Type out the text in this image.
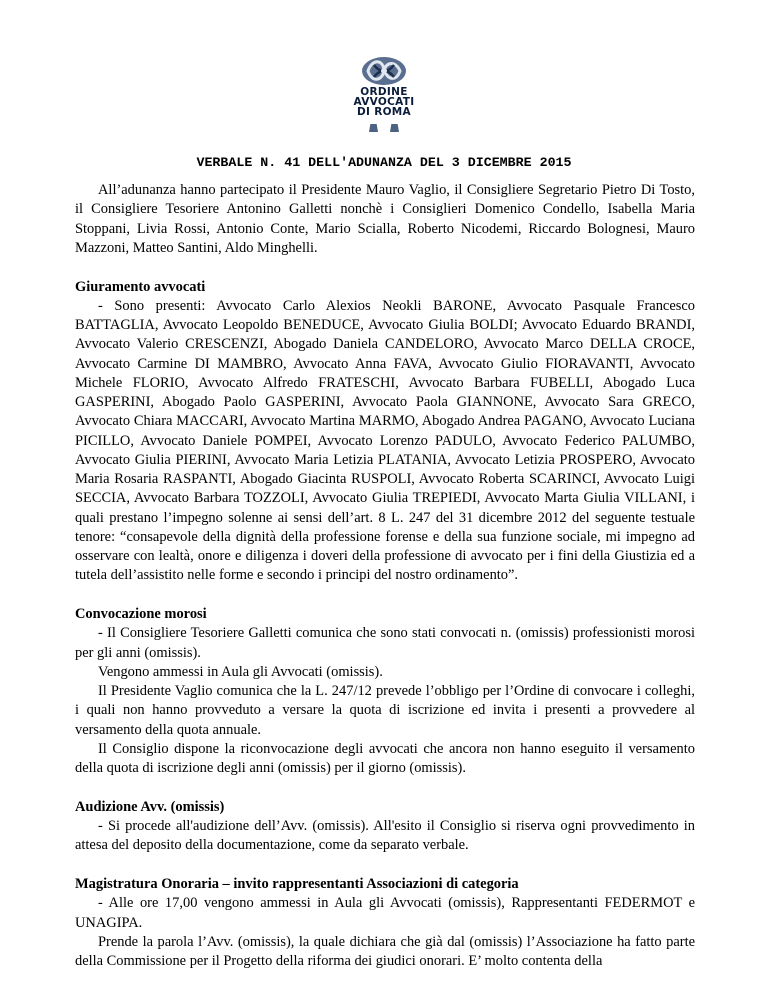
ORDINE
AVVOCATI
DI ROMA
VERBALE N. 41 DELL'ADUNANZA DEL 3 DICEMBRE 2015

All’adunanza hanno partecipato il Presidente Mauro Vaglio, il Consigliere Segretario Pietro Di Tosto, il Consigliere Tesoriere Antonino Galletti nonchè i Consiglieri Domenico Condello, Isabella Maria Stoppani, Livia Rossi, Antonio Conte, Mario Scialla, Roberto Nicodemi, Riccardo Bolognesi, Mauro Mazzoni, Matteo Santini, Aldo Minghelli.

Giuramento avvocati

- Sono presenti: Avvocato Carlo Alexios Neokli BARONE, Avvocato Pasquale Francesco BATTAGLIA, Avvocato Leopoldo BENEDUCE, Avvocato Giulia BOLDI; Avvocato Eduardo BRANDI, Avvocato Valerio CRESCENZI, Abogado Daniela CANDELORO, Avvocato Marco DELLA CROCE, Avvocato Carmine DI MAMBRO, Avvocato Anna FAVA, Avvocato Giulio FIORAVANTI, Avvocato Michele FLORIO, Avvocato Alfredo FRATESCHI, Avvocato Barbara FUBELLI, Abogado Luca GASPERINI, Abogado Paolo GASPERINI, Avvocato Paola GIANNONE, Avvocato Sara GRECO, Avvocato Chiara MACCARI, Avvocato Martina MARMO, Abogado Andrea PAGANO, Avvocato Luciana PICILLO, Avvocato Daniele POMPEI, Avvocato Lorenzo PADULO, Avvocato Federico PALUMBO, Avvocato Giulia PIERINI, Avvocato Maria Letizia PLATANIA, Avvocato Letizia PROSPERO, Avvocato Maria Rosaria RASPANTI, Abogado Giacinta RUSPOLI, Avvocato Roberta SCARINCI, Avvocato Luigi SECCIA, Avvocato Barbara TOZZOLI, Avvocato Giulia TREPIEDI, Avvocato Marta Giulia VILLANI, i quali prestano l’impegno solenne ai sensi dell’art. 8 L. 247 del 31 dicembre 2012 del seguente testuale tenore: “consapevole della dignità della professione forense e della sua funzione sociale, mi impegno ad osservare con lealtà, onore e diligenza i doveri della professione di avvocato per i fini della Giustizia ed a tutela dell’assistito nelle forme e secondo i principi del nostro ordinamento”.

Convocazione morosi

- Il Consigliere Tesoriere Galletti comunica che sono stati convocati n. (omissis) professionisti morosi per gli anni (omissis).

Vengono ammessi in Aula gli Avvocati (omissis).

Il Presidente Vaglio comunica che la L. 247/12 prevede l’obbligo per l’Ordine di convocare i colleghi, i quali non hanno provveduto a versare la quota di iscrizione ed invita i presenti a provvedere al versamento della quota annuale.

Il Consiglio dispone la riconvocazione degli avvocati che ancora non hanno eseguito il versamento della quota di iscrizione degli anni (omissis) per il giorno (omissis).

Audizione Avv. (omissis)

- Si procede all'audizione dell’Avv. (omissis). All'esito il Consiglio si riserva ogni provvedimento in attesa del deposito della documentazione, come da separato verbale.

Magistratura Onoraria – invito rappresentanti Associazioni di categoria

- Alle ore 17,00 vengono ammessi in Aula gli Avvocati (omissis), Rappresentanti FEDERMOT e UNAGIPA.

Prende la parola l’Avv. (omissis), la quale dichiara che già dal (omissis) l’Associazione ha fatto parte della Commissione per il Progetto della riforma dei giudici onorari. E’ molto contenta della
